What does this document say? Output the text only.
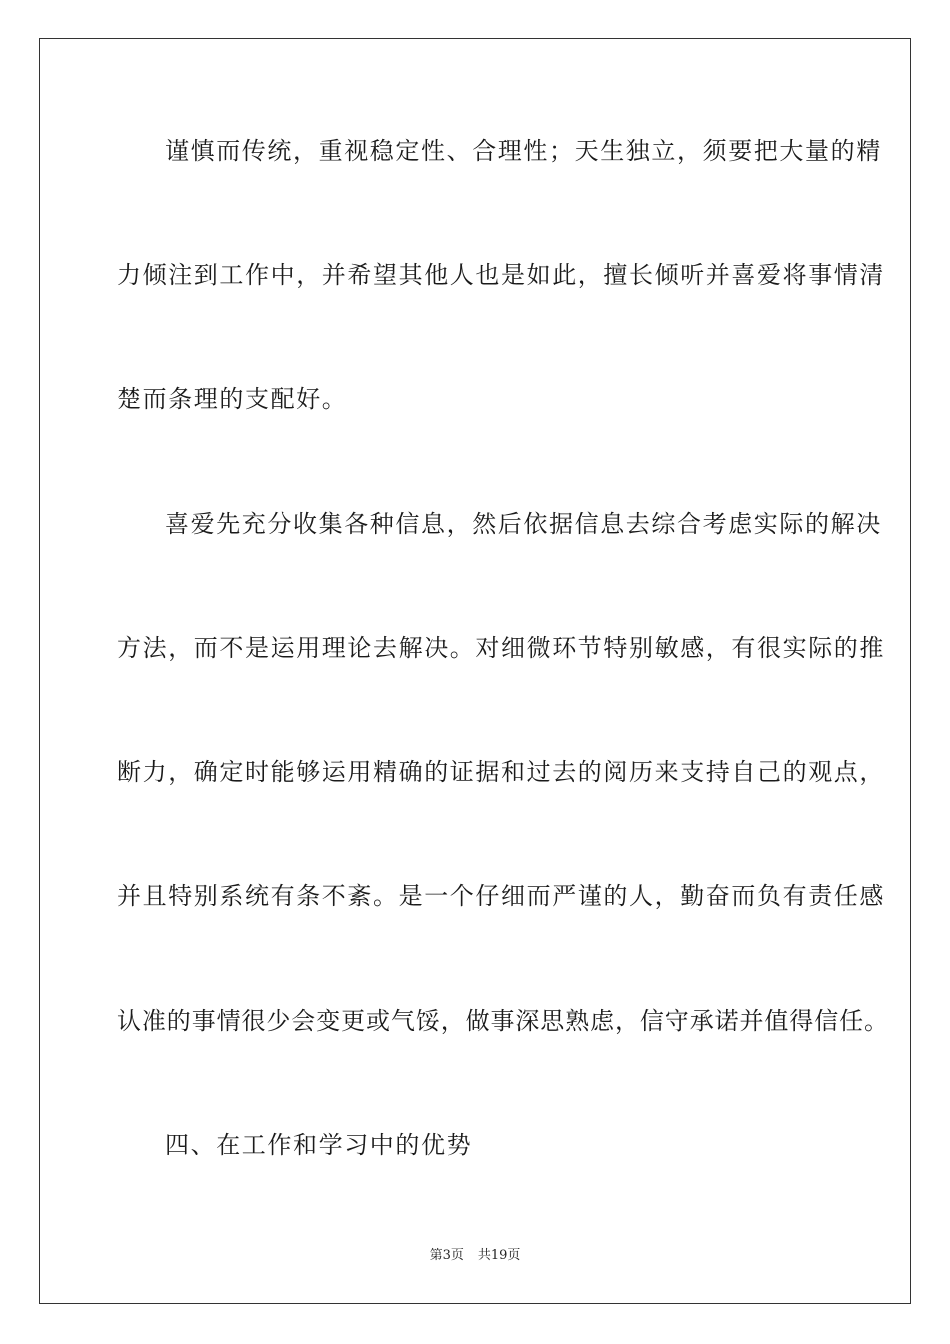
谨慎而传统，重视稳定性、合理性；天生独立，须要把大量的精
力倾注到工作中，并希望其他人也是如此，擅长倾听并喜爱将事情清
楚而条理的支配好。
喜爱先充分收集各种信息，然后依据信息去综合考虑实际的解决
方法，而不是运用理论去解决。对细微环节特别敏感，有很实际的推
断力，确定时能够运用精确的证据和过去的阅历来支持自己的观点，
并且特别系统有条不紊。是一个仔细而严谨的人，勤奋而负有责任感
认准的事情很少会变更或气馁，做事深思熟虑，信守承诺并值得信任。
四、在工作和学习中的优势
第3页 共19页
